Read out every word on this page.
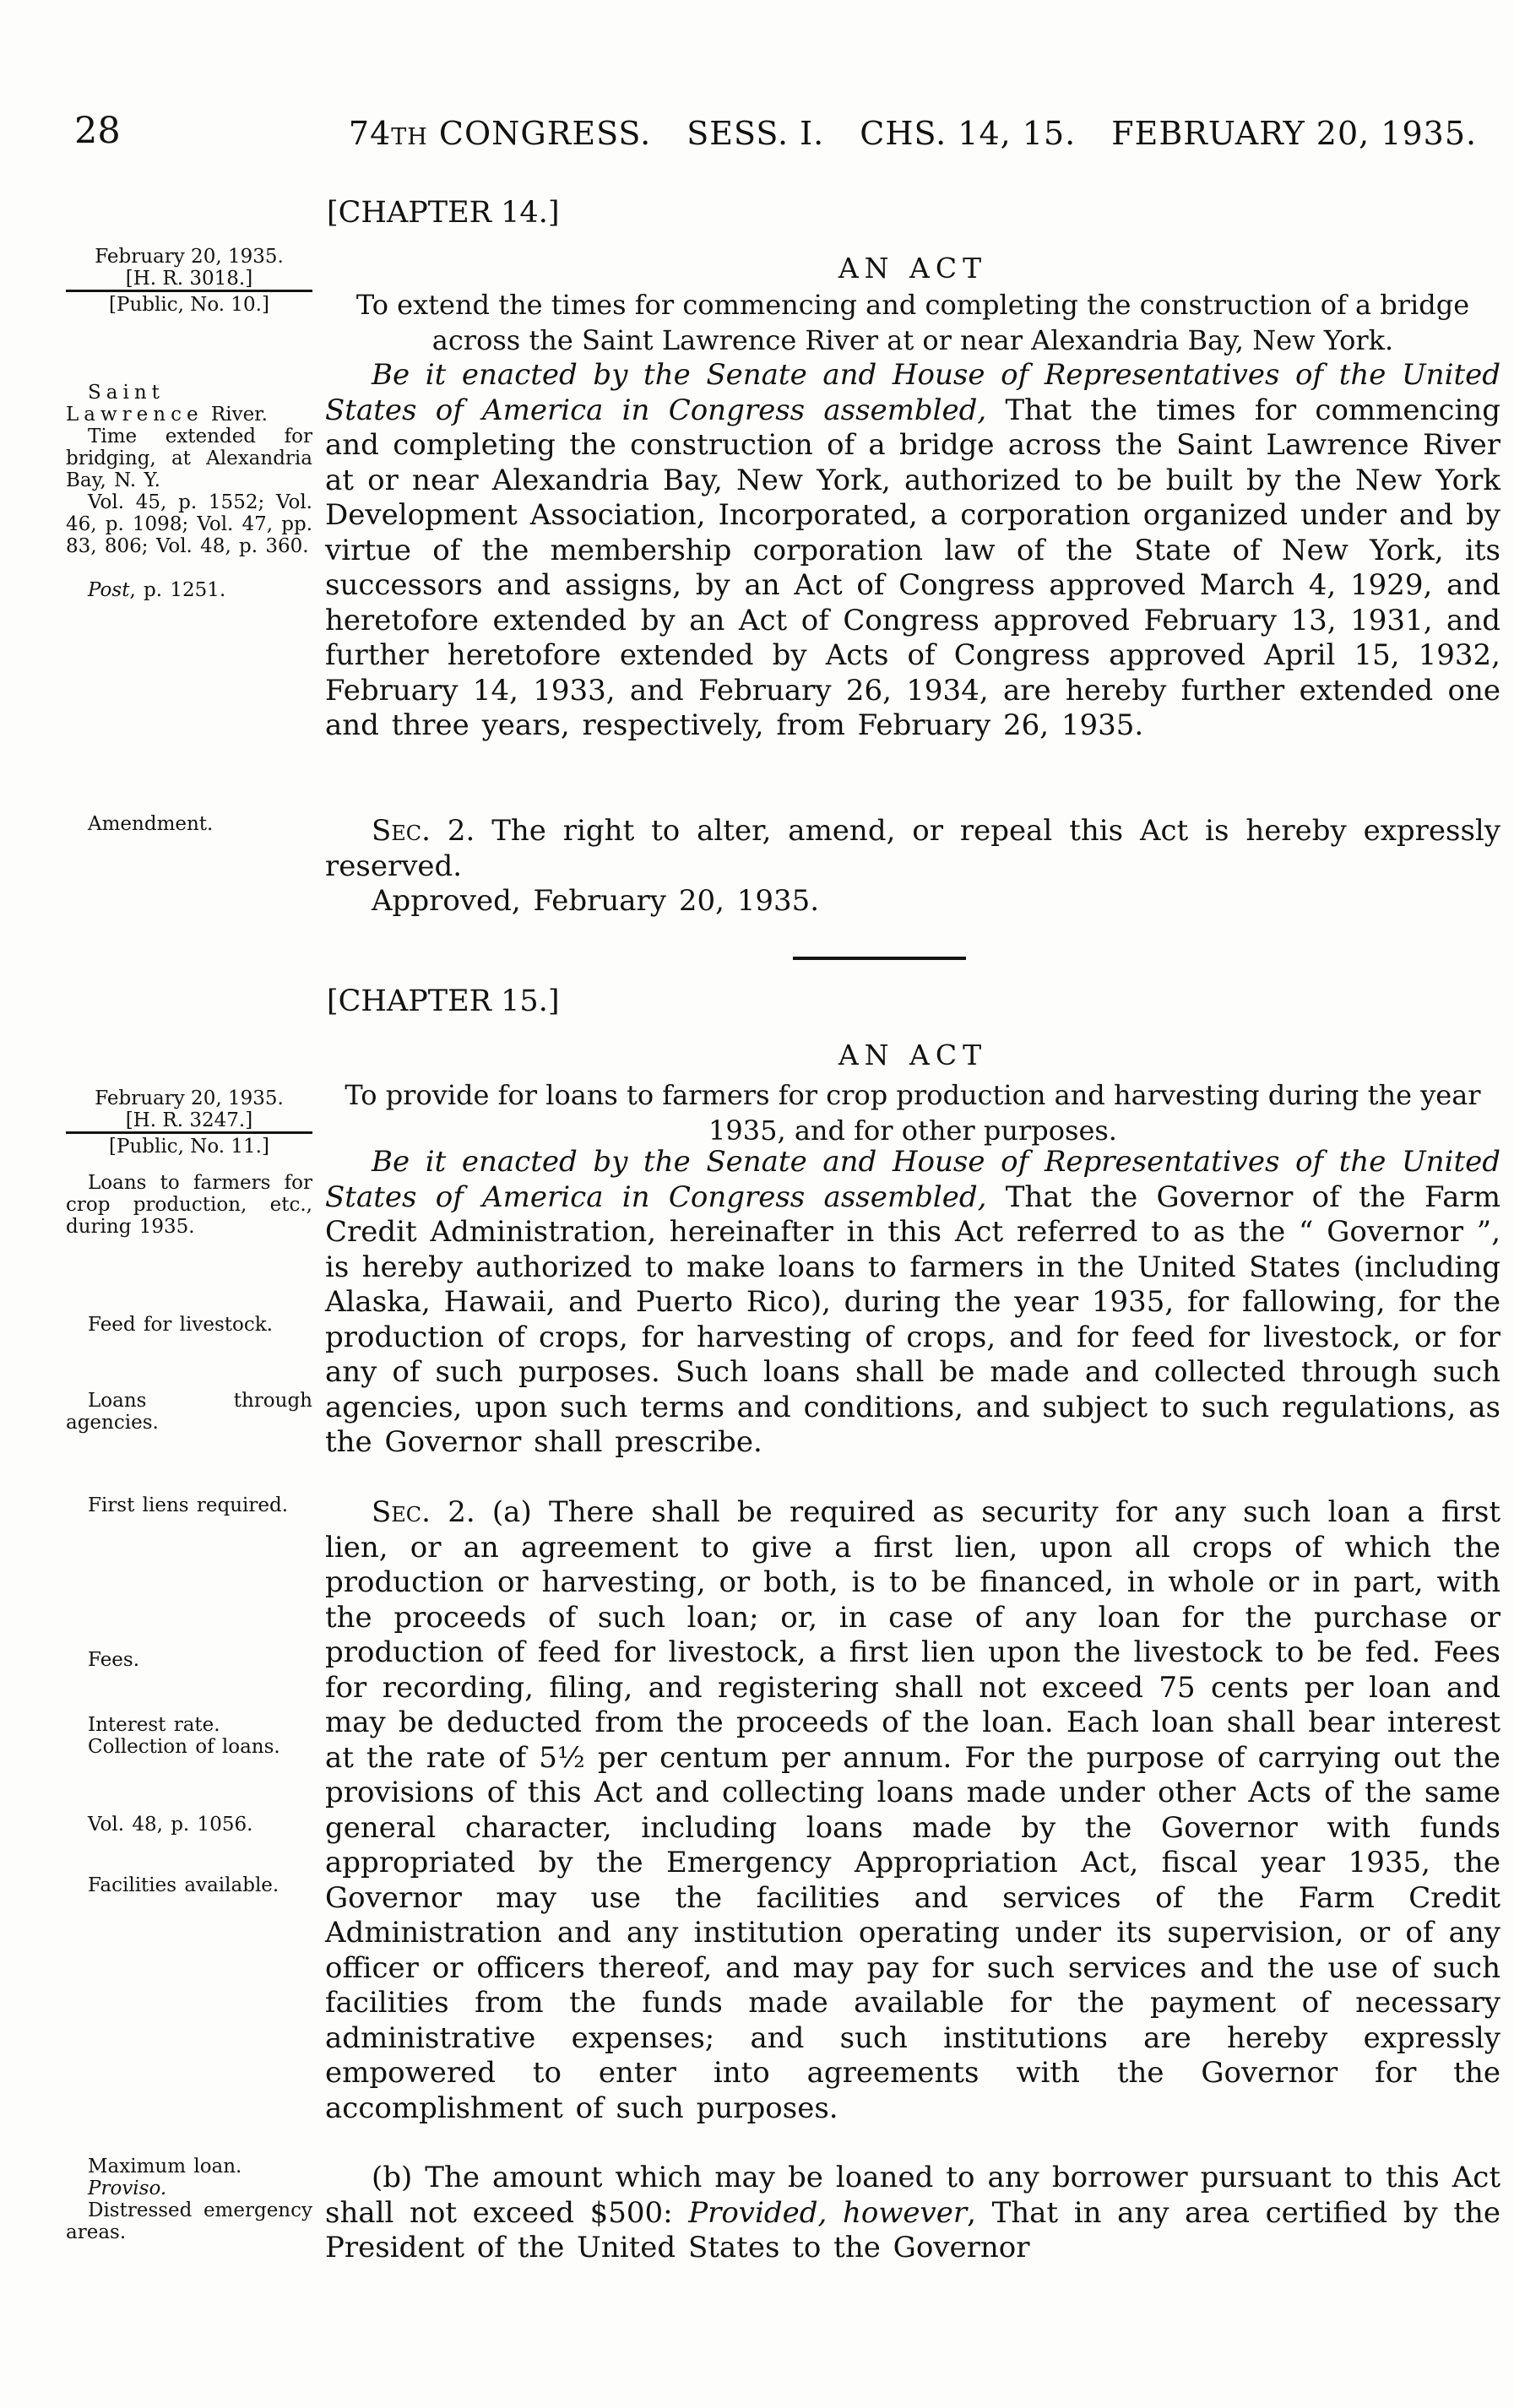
28	74th CONGRESS. SESS. I. CHS. 14, 15. FEBRUARY 20, 1935.
[CHAPTER 14.]
AN ACT
To extend the times for commencing and completing the construction of a bridge across the Saint Lawrence River at or near Alexandria Bay, New York.
February 20, 1935.
[H. R. 3018.]
[Public, No. 10.]

Saint Lawrence River.

Time extended for bridging, at Alexandria Bay, N. Y.

Vol. 45, p. 1552; Vol. 46, p. 1098; Vol. 47, pp. 83, 806; Vol. 48, p. 360.

Post, p. 1251.

Amendment.

Be it enacted by the Senate and House of Representatives of the United States of America in Congress assembled, That the times for commencing and completing the construction of a bridge across the Saint Lawrence River at or near Alexandria Bay, New York, authorized to be built by the New York Development Association, Incorporated, a corporation organized under and by virtue of the membership corporation law of the State of New York, its successors and assigns, by an Act of Congress approved March 4, 1929, and heretofore extended by an Act of Congress approved February 13, 1931, and further heretofore extended by Acts of Congress approved April 15, 1932, February 14, 1933, and February 26, 1934, are hereby further extended one and three years, respectively, from February 26, 1935.

Sec. 2. The right to alter, amend, or repeal this Act is hereby expressly reserved.

Approved, February 20, 1935.

[CHAPTER 15.]
AN ACT
To provide for loans to farmers for crop production and harvesting during the year 1935, and for other purposes.
February 20, 1935.
[H. R. 3247.]
[Public, No. 11.]

Loans to farmers for crop production, etc., during 1935.

Feed for livestock.

Loans through agencies.

First liens required.

Fees.

Interest rate.

Collection of loans.

Vol. 48, p. 1056.

Facilities available.

Maximum loan.

Proviso.

Distressed emergency areas.

Be it enacted by the Senate and House of Representatives of the United States of America in Congress assembled, That the Governor of the Farm Credit Administration, hereinafter in this Act referred to as the “ Governor ”, is hereby authorized to make loans to farmers in the United States (including Alaska, Hawaii, and Puerto Rico), during the year 1935, for fallowing, for the production of crops, for harvesting of crops, and for feed for livestock, or for any of such purposes. Such loans shall be made and collected through such agencies, upon such terms and conditions, and subject to such regulations, as the Governor shall prescribe.

Sec. 2. (a) There shall be required as security for any such loan a first lien, or an agreement to give a first lien, upon all crops of which the production or harvesting, or both, is to be financed, in whole or in part, with the proceeds of such loan; or, in case of any loan for the purchase or production of feed for livestock, a first lien upon the livestock to be fed. Fees for recording, filing, and registering shall not exceed 75 cents per loan and may be deducted from the proceeds of the loan. Each loan shall bear interest at the rate of 5½ per centum per annum. For the purpose of carrying out the provisions of this Act and collecting loans made under other Acts of the same general character, including loans made by the Governor with funds appropriated by the Emergency Appropriation Act, fiscal year 1935, the Governor may use the facilities and services of the Farm Credit Administration and any institution operating under its supervision, or of any officer or officers thereof, and may pay for such services and the use of such facilities from the funds made available for the payment of necessary administrative expenses; and such institutions are hereby expressly empowered to enter into agreements with the Governor for the accomplishment of such purposes.

(b) The amount which may be loaned to any borrower pursuant to this Act shall not exceed $500: Provided, however, That in any area certified by the President of the United States to the Governor
